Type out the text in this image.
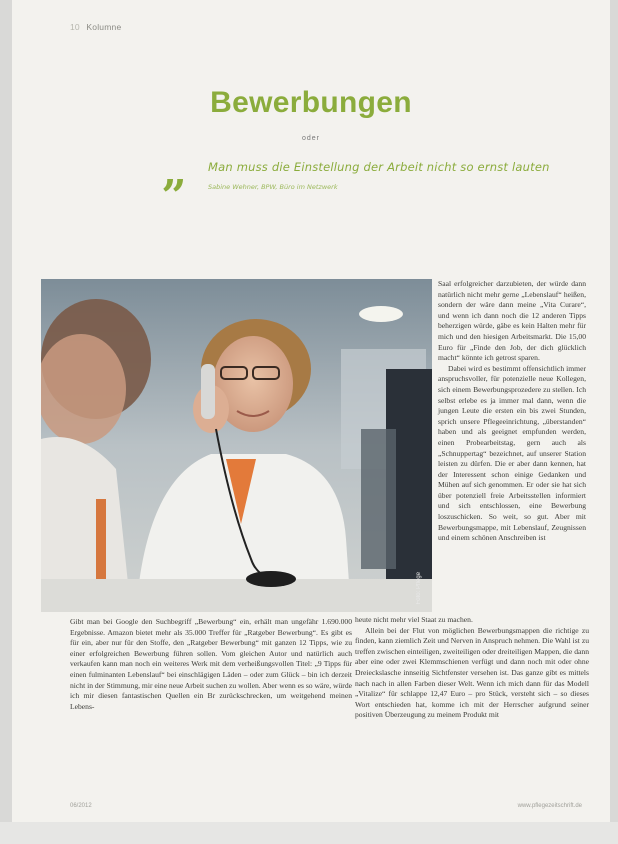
10 Kolumne
Bewerbungen
oder
„ Man muss die Einstellung der Arbeit nicht so ernst lauten
Sabine Wehner, BPW, Büro im Netzwerk
Foto: Pflege

Saal erfolgreicher darzubieten, der würde dann natürlich nicht mehr gerne „Lebenslauf“ heißen, sondern der wäre dann meine „Vita Curare“, und wenn ich dann noch die 12 anderen Tipps beherzigen würde, gäbe es kein Halten mehr für mich und den hiesigen Arbeitsmarkt. Die 15,00 Euro für „Finde den Job, der dich glücklich macht“ könnte ich getrost sparen.

Dabei wird es bestimmt offensichtlich immer anspruchsvoller, für potenzielle neue Kollegen, sich einem Bewerbungsprozedere zu stellen. Ich selbst erlebe es ja immer mal dann, wenn die jungen Leute die ersten ein bis zwei Stunden, sprich unsere Pflegeeinrichtung, „überstanden“ haben und als geeignet empfunden werden, einen Probearbeitstag, gern auch als „Schnuppertag“ bezeichnet, auf unserer Station leisten zu dürfen. Die er aber dann kennen, hat der Interessent schon einige Gedanken und Mühen auf sich genommen. Er oder sie hat sich über potenziell freie Arbeitsstellen informiert und sich entschlossen, eine Bewerbung loszuschicken. So weit, so gut. Aber mit Bewerbungsmappe, mit Lebenslauf, Zeugnissen und einem schönen Anschreiben ist

Gibt man bei Google den Suchbegriff „Bewerbung“ ein, erhält man ungefähr 1.690.000 Ergebnisse. Amazon bietet mehr als 35.000 Treffer für „Ratgeber Bewerbung“. Es gibt es für ein, aber nur für den Stoffe, den „Ratgeber Bewerbung“ mit ganzen 12 Tipps, wie zu einer erfolgreichen Bewerbung führen sollen. Vom gleichen Autor und natürlich auch verkaufen kann man noch ein weiteres Werk mit dem verheißungsvollen Titel: „9 Tipps für einen fulminanten Lebenslauf“ bei einschlägigen Läden – oder zum Glück – bin ich derzeit nicht in der Stimmung, mir eine neue Arbeit suchen zu wollen. Aber wenn es so wäre, würde ich mir diesen fantastischen Quellen ein Br zurückschrecken, um weitgehend meinen Lebens-

heute nicht mehr viel Staat zu machen.

Allein bei der Flut von möglichen Bewerbungsmappen die richtige zu finden, kann ziemlich Zeit und Nerven in Anspruch nehmen. Die Wahl ist zu treffen zwischen einteiligen, zweiteiligen oder dreiteiligen Mappen, die dann aber eine oder zwei Klemmschienen verfügt und dann noch mit oder ohne Dreieckslasche innseitig Sichtfenster versehen ist. Das ganze gibt es mittels nach nach in allen Farben dieser Welt. Wenn ich mich dann für das Modell „Vitalize“ für schlappe 12,47 Euro – pro Stück, versteht sich – so dieses Wort entschieden hat, komme ich mit der Herrscher aufgrund seiner positiven Überzeugung zu meinem Produkt mit

06/2012	www.pflegezeitschrift.de
